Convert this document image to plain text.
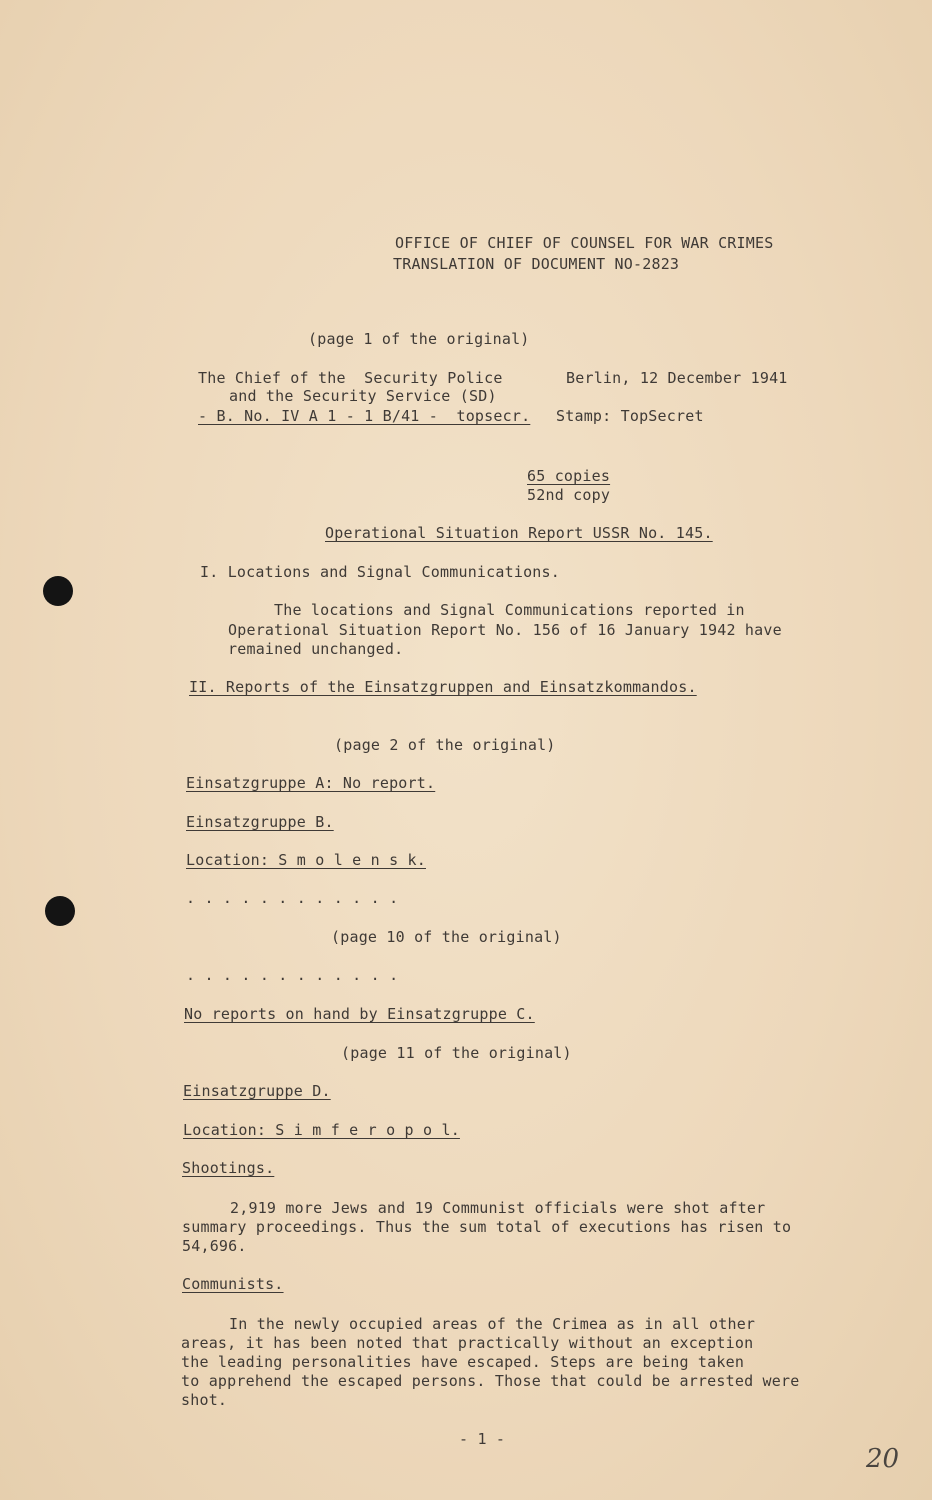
OFFICE OF CHIEF OF COUNSEL FOR WAR CRIMES
TRANSLATION OF DOCUMENT NO-2823
(page 1 of the original)
The Chief of the  Security Police	Berlin, 12 December 1941
and the Security Service (SD)
- B. No. IV A 1 - 1 B/41 -  topsecr. Stamp: TopSecret
65 copies
52nd copy
Operational Situation Report USSR No. 145.
I. Locations and Signal Communications.
The locations and Signal Communications reported in
Operational Situation Report No. 156 of 16 January 1942 have
remained unchanged.
II. Reports of the Einsatzgruppen and Einsatzkommandos.
(page 2 of the original)
Einsatzgruppe A: No report.
Einsatzgruppe B.
Location: S m o l e n s k.
. . . . . . . . . . . .
(page 10 of the original)
. . . . . . . . . . . .
No reports on hand by Einsatzgruppe C.
(page 11 of the original)
Einsatzgruppe D.
Location: S i m f e r o p o l.
Shootings.
2,919 more Jews and 19 Communist officials were shot after
summary proceedings. Thus the sum total of executions has risen to
54,696.
Communists.
In the newly occupied areas of the Crimea as in all other
areas, it has been noted that practically without an exception
the leading personalities have escaped. Steps are being taken
to apprehend the escaped persons. Those that could be arrested were
shot.
- 1 -
20
